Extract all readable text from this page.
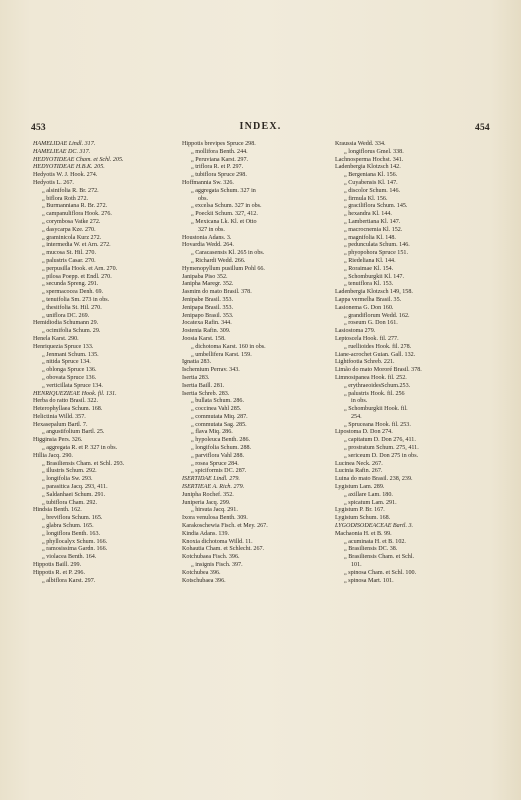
453	INDEX.	454
HAMELIDAE Lindl. 317.
HAMELIEAE DC. 317.
HEDYOTIDEAE Cham. et Schl. 205.
HEDYOTIDEAE H.B.K. 205.
Hedyotis W. J. Hook. 274.
Hedyotis L. 267.
„ alsinifolia R. Br. 272.
„ biflora Roth 272.
„ Burmanniana R. Br. 272.
„ campanuliflora Hook. 276.
„ corymbosa Vatke 272.
„ dasycarpa Kze. 270.
„ graminicola Kurz 272.
„ intermedia W. et Arn. 272.
„ mucosa St. Hil. 270.
„ palustris Casar. 270.
„ perpusilla Hook. et Arn. 270.
„ pilosa Poepp. et Endl. 270.
„ secunda Spreng. 291.
„ spermacocea Denh. 69.
„ tenuifolia Sm. 273 in obs.
„ thesiifolia St. Hil. 270.
„ uniflora DC. 269.
Hemidiodia Schumann 29.
„ ocimifolia Schum. 29.
Henela Karst. 290.
Henriquezia Spruce 133.
„ Jenmani Schum. 135.
„ nitida Spruce 134.
„ oblonga Spruce 136.
„ obovata Spruce 136.
„ verticillata Spruce 134.
HENRIQUEZIEAE Hook. fil. 131.
Herba do ratto Brasil. 322.
Heterophyllaea Schum. 168.
Helictinia Willd. 357.
Hexasepalum Bartl. 7.
„ angustifolium Bartl. 25.
Higginsia Pers. 326.
„ aggregata R. et P. 327 in obs.
Hillia Jacq. 290.
„ Brasiliensis Cham. et Schl. 293.
„ illustris Schum. 292.
„ longifolia Sw. 293.
„ parasitica Jacq. 293, 411.
„ Saldanhaei Schum. 291.
„ tubiflora Cham. 292.
Hindsia Benth. 162.
„ breviflora Schum. 165.
„ glabra Schum. 165.
„ longiflora Benth. 163.
„ phyllocalyx Schum. 166.
„ ramosissima Gardn. 166.
„ violacea Benth. 164.
Hippotis Baill. 299.
Hippotis R. et P. 296.
„ albiflora Karst. 297.
Hippotis brevipes Spruce 298.
„ mollifora Benth. 244.
„ Peruviana Karst. 297.
„ triflora R. et P. 297.
„ tubiflora Spruce 298.
Hoffmannia Sw. 326.
„ aggregata Schum. 327 in
obs.
„ excelsa Schum. 327 in obs.
„ Poeckii Schum. 327, 412.
„ Mexicana Lk. Kl. et Otto
327 in obs.
Houstonia Adans. 3.
Hovardia Wedd. 264.
„ Caracasensis Kl. 265 in obs.
„ Richardi Wedd. 266.
Hymenopyllum pusillum Pohl 66.
Janipaba Piso 352.
Janipha Maregr. 352.
Jasmim do mato Brasil. 378.
Jenipabe Brasil. 353.
Jenipapa Brasil. 353.
Jenipapo Brasil. 353.
Jocatexa Rafin. 344.
Jostenia Rafin. 309.
Joosia Karst. 158.
„ dichotoma Karst. 160 in obs.
„ umbellifera Karst. 159.
Ignatia 283.
Ischemium Perrav. 343.
Isertia 283.
Isertia Baill. 281.
Isertia Schreb. 283.
„ bullata Schum. 286.
„ coccinea Vahl 285.
„ commutata Miq. 287.
„ commutata Sag. 285.
„ flava Miq. 286.
„ hypoleuca Benth. 286.
„ longifolia Schum. 288.
„ parviflora Vahl 288.
„ rosea Spruce 284.
„ spiciformis DC. 287.
ISERTIDAE Lindl. 279.
ISERTIEAE A. Rich. 279.
Junipha Rochef. 352.
Juniperia Jacq. 299.
„ hirsuta Jacq. 291.
Ixora venulosa Benth. 309.
Karakoschewia Fisch. et Mey. 267.
Kindia Adans. 139.
Knoxia dichotoma Willd. 11.
Kohautia Cham. et Schlecht. 267.
Kotchubaea Fisch. 396.
„ insignis Fisch. 397.
Kotchubea 396.
Kotschubaea 396.
Kraussia Wedd. 334.
„ longiflorus Gmel. 338.
Lachnosperma Hochst. 341.
Ladenbergia Klotzsch 142.
„ Bergeniana Kl. 156.
„ Cuyabensis Kl. 147.
„ discolor Schum. 146.
„ firmula Kl. 156.
„ graciliflora Schum. 145.
„ hexandra Kl. 144.
„ Lambertiana Kl. 147.
„ macrocnemia Kl. 152.
„ magnifolia Kl. 148.
„ pedunculata Schum. 146.
„ phyopohora Spruce 151.
„ Riedeliana Kl. 144.
„ Roraimae Kl. 154.
„ Schomburgkii Kl. 147.
„ tenuiflora Kl. 153.
Ladenbergia Klotzsch 149, 158.
Lappa vermelha Brasil. 35.
Lasionema G. Don 160.
„ grandiflorum Wedd. 162.
„ roseum G. Don 161.
Lasiostoma 279.
Leptoscela Hook. fil. 277.
„ ruellioides Hook. fil. 278.
Liane-acrochet Guian. Gall. 132.
Lightfootia Schreb. 221.
Limão do mato Mororé Brasil. 378.
Limnosipanea Hook. fil. 252.
„ erythraeoidesSchum.253.
„ palustris Hook. fil. 256
in obs.
„ Schomburgkii Hook. fil.
254.
„ Spruceana Hook. fil. 253.
Lipostoma D. Don 274.
„ capitatum D. Don 276, 411.
„ prostratum Schum. 275, 411.
„ sericeum D. Don 275 in obs.
Lucinea Neck. 267.
Lucinia Rafin. 267.
Luina do mato Brasil. 238, 239.
Lygistum Lam. 289.
„ axillare Lam. 180.
„ spicatum Lam. 291.
Lygistum P. Br. 167.
Lygistum Schum. 168.
LYGODISODEACEAE Bartl. 3.
Machaonia H. et B. 99.
„ acuminata H. et B. 102.
„ Brasiliensis DC. 38.
„ Brasiliensis Cham. et Schl.
101.
„ spinosa Cham. et Schl. 100.
„ spinosa Mart. 101.
